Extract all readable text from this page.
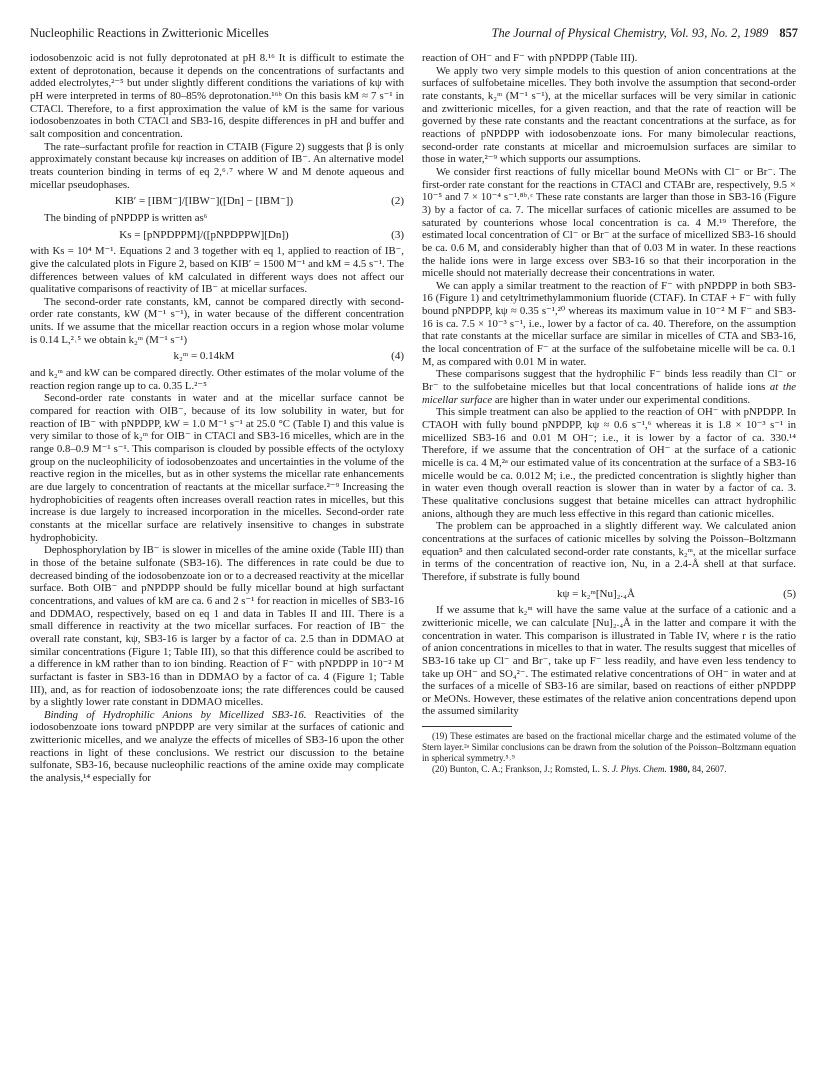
Nucleophilic Reactions in Zwitterionic Micelles	The Journal of Physical Chemistry, Vol. 93, No. 2, 1989 857

iodosobenzoic acid is not fully deprotonated at pH 8.¹⁶ It is difficult to estimate the extent of deprotonation, because it depends on the concentrations of surfactants and added electrolytes,²⁻⁵ but under slightly different conditions the variations of kψ with pH were interpreted in terms of 80–85% deprotonation.¹⁶ᵇ On this basis kM ≈ 7 s⁻¹ in CTACl. Therefore, to a first approximation the value of kM is the same for various iodosobenzoates in both CTACl and SB3-16, despite differences in pH and buffer and salt composition and concentration.

The rate–surfactant profile for reaction in CTAIB (Figure 2) suggests that β is only approximately constant because kψ increases on addition of IB⁻. An alternative model treats counterion binding in terms of eq 2,⁶˒⁷ where W and M denote aqueous and micellar pseudophases.

KIB′ = [IBM⁻]/[IBW⁻]([Dn] − [IBM⁻])	(2)

The binding of pNPDPP is written as⁶

Ks = [pNPDPPM]/([pNPDPPW][Dn])	(3)

with Ks = 10⁴ M⁻¹. Equations 2 and 3 together with eq 1, applied to reaction of IB⁻, give the calculated plots in Figure 2, based on KIB′ = 1500 M⁻¹ and kM = 4.5 s⁻¹. The differences between values of kM calculated in different ways does not affect our qualitative comparisons of reactivity of IB⁻ at micellar surfaces.

The second-order rate constants, kM, cannot be compared directly with second-order rate constants, kW (M⁻¹ s⁻¹), in water because of the different concentration units. If we assume that the micellar reaction occurs in a region whose molar volume is 0.14 L,²˒⁵ we obtain k₂ᵐ (M⁻¹ s⁻¹)

k₂ᵐ = 0.14kM	(4)

and k₂ᵐ and kW can be compared directly. Other estimates of the molar volume of the reaction region range up to ca. 0.35 L.²⁻⁵

Second-order rate constants in water and at the micellar surface cannot be compared for reaction with OIB⁻, because of its low solubility in water, but for reaction of IB⁻ with pNPDPP, kW = 1.0 M⁻¹ s⁻¹ at 25.0 °C (Table I) and this value is very similar to those of k₂ᵐ for OIB⁻ in CTACl and SB3-16 micelles, which are in the range 0.8–0.9 M⁻¹ s⁻¹. This comparison is clouded by possible effects of the octyloxy group on the nucleophilicity of iodosobenzoates and uncertainties in the volume of the reactive region in the micelles, but as in other systems the micellar rate enhancements are due largely to concentration of reactants at the micellar surface.²⁻⁹ Increasing the hydrophobicities of reagents often increases overall reaction rates in micelles, but this increase is due largely to increased incorporation in the micelles. Second-order rate constants at the micellar surface are relatively insensitive to changes in substrate hydrophobicity.

Dephosphorylation by IB⁻ is slower in micelles of the amine oxide (Table III) than in those of the betaine sulfonate (SB3-16). The differences in rate could be due to decreased binding of the iodosobenzoate ion or to a decreased reactivity at the micellar surface. Both OIB⁻ and pNPDPP should be fully micellar bound at high surfactant concentrations, and values of kM are ca. 6 and 2 s⁻¹ for reaction in micelles of SB3-16 and DDMAO, respectively, based on eq 1 and data in Tables II and III. There is a small difference in reactivity at the two micellar surfaces. For reaction of IB⁻ the overall rate constant, kψ, SB3-16 is larger by a factor of ca. 2.5 than in DDMAO at similar concentrations (Figure 1; Table III), so that this difference could be ascribed to a difference in kM rather than to ion binding. Reaction of F⁻ with pNPDPP in 10⁻² M surfactant is faster in SB3-16 than in DDMAO by a factor of ca. 4 (Figure 1; Table III), and, as for reaction of iodosobenzoate ions; the rate differences could be caused by a slightly lower rate constant in DDMAO micelles.

Binding of Hydrophilic Anions by Micellized SB3-16. Reactivities of the iodosobenzoate ions toward pNPDPP are very similar at the surfaces of cationic and zwitterionic micelles, and we analyze the effects of micelles of SB3-16 upon the other reactions in light of these conclusions. We restrict our discussion to the betaine sulfonate, SB3-16, because nucleophilic reactions of the amine oxide may complicate the analysis,¹⁴ especially for

reaction of OH⁻ and F⁻ with pNPDPP (Table III).

We apply two very simple models to this question of anion concentrations at the surfaces of sulfobetaine micelles. They both involve the assumption that second-order rate constants, k₂ᵐ (M⁻¹ s⁻¹), at the micellar surfaces will be very similar in cationic and zwitterionic micelles, for a given reaction, and that the rate of reaction will be governed by these rate constants and the reactant concentrations at the surface, as for reactions of pNPDPP with iodosobenzoate ions. For many bimolecular reactions, second-order rate constants at micellar and microemulsion surfaces are similar to those in water,²⁻⁹ which supports our assumptions.

We consider first reactions of fully micellar bound MeONs with Cl⁻ or Br⁻. The first-order rate constant for the reactions in CTACl and CTABr are, respectively, 9.5 × 10⁻⁵ and 7 × 10⁻⁴ s⁻¹.⁸ᵇ˒ᶜ These rate constants are larger than those in SB3-16 (Figure 3) by a factor of ca. 7. The micellar surfaces of cationic micelles are assumed to be saturated by counterions whose local concentration is ca. 4 M.¹⁹ Therefore, the estimated local concentration of Cl⁻ or Br⁻ at the surface of micellized SB3-16 should be ca. 0.6 M, and considerably higher than that of 0.03 M in water. In these reactions the halide ions were in large excess over SB3-16 so that their incorporation in the micelle should not materially decrease their concentrations in water.

We can apply a similar treatment to the reaction of F⁻ with pNPDPP in both SB3-16 (Figure 1) and cetyltrimethylammonium fluoride (CTAF). In CTAF + F⁻ with fully bound pNPDPP, kψ ≈ 0.35 s⁻¹,²⁰ whereas its maximum value in 10⁻² M F⁻ and SB3-16 is ca. 7.5 × 10⁻³ s⁻¹, i.e., lower by a factor of ca. 40. Therefore, on the assumption that rate constants at the micellar surface are similar in micelles of CTA and SB3-16, the local concentration of F⁻ at the surface of the sulfobetaine micelle will be ca. 0.1 M, as compared with 0.01 M in water.

These comparisons suggest that the hydrophilic F⁻ binds less readily than Cl⁻ or Br⁻ to the sulfobetaine micelles but that local concentrations of halide ions at the micellar surface are higher than in water under our experimental conditions.

This simple treatment can also be applied to the reaction of OH⁻ with pNPDPP. In CTAOH with fully bound pNPDPP, kψ ≈ 0.6 s⁻¹,⁶ whereas it is 1.8 × 10⁻³ s⁻¹ in micellized SB3-16 and 0.01 M OH⁻; i.e., it is lower by a factor of ca. 330.¹⁴ Therefore, if we assume that the concentration of OH⁻ at the surface of a cationic micelle is ca. 4 M,²ᵃ our estimated value of its concentration at the surface of a SB3-16 micelle would be ca. 0.012 M; i.e., the predicted concentration is slightly higher than in water even though overall reaction is slower than in water by a factor of ca. 3. These qualitative conclusions suggest that betaine micelles can attract hydrophilic anions, although they are much less effective in this regard than cationic micelles.

The problem can be approached in a slightly different way. We calculated anion concentrations at the surfaces of cationic micelles by solving the Poisson–Boltzmann equation⁵ and then calculated second-order rate constants, k₂ᵐ, at the micellar surface in terms of the concentration of reactive ion, Nu, in a 2.4-Å shell at that surface. Therefore, if substrate is fully bound

kψ = k₂ᵐ[Nu]₂.₄Å	(5)

If we assume that k₂ᵐ will have the same value at the surface of a cationic and a zwitterionic micelle, we can calculate [Nu]₂.₄Å in the latter and compare it with the concentration in water. This comparison is illustrated in Table IV, where r is the ratio of anion concentrations in micelles to that in water. The results suggest that micelles of SB3-16 take up Cl⁻ and Br⁻, take up F⁻ less readily, and have even less tendency to take up OH⁻ and SO₄²⁻. The estimated relative concentrations of OH⁻ in water and at the surfaces of a micelle of SB3-16 are similar, based on reactions of either pNPDPP or MeONs. However, these estimates of the relative anion concentrations depend upon the assumed similarity

(19) These estimates are based on the fractional micellar charge and the estimated volume of the Stern layer.²ᵃ Similar conclusions can be drawn from the solution of the Poisson–Boltzmann equation in spherical symmetry.⁵˒⁹

(20) Bunton, C. A.; Frankson, J.; Romsted, L. S. J. Phys. Chem. 1980, 84, 2607.
